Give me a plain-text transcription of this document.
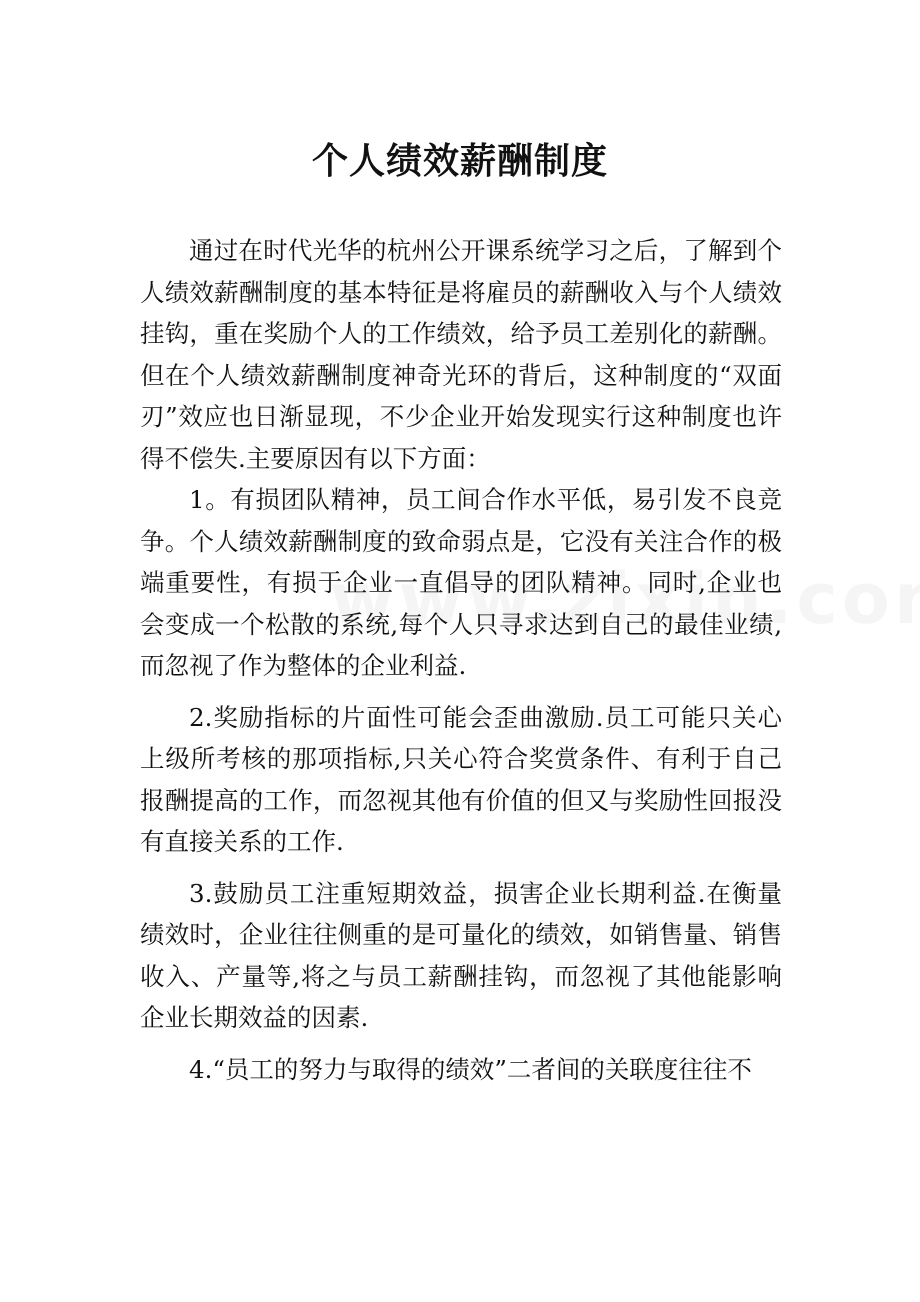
个人绩效薪酬制度

通过在时代光华的杭州公开课系统学习之后，了解到个人绩效薪酬制度的基本特征是将雇员的薪酬收入与个人绩效挂钩，重在奖励个人的工作绩效，给予员工差别化的薪酬。但在个人绩效薪酬制度神奇光环的背后，这种制度的“双面刃”效应也日渐显现，不少企业开始发现实行这种制度也许得不偿失.主要原因有以下方面：

1。有损团队精神，员工间合作水平低，易引发不良竞争。个人绩效薪酬制度的致命弱点是，它没有关注合作的极端重要性，有损于企业一直倡导的团队精神。同时,企业也会变成一个松散的系统,每个人只寻求达到自己的最佳业绩,而忽视了作为整体的企业利益.

2.奖励指标的片面性可能会歪曲激励.员工可能只关心上级所考核的那项指标,只关心符合奖赏条件、有利于自己报酬提高的工作，而忽视其他有价值的但又与奖励性回报没有直接关系的工作.

3.鼓励员工注重短期效益，损害企业长期利益.在衡量绩效时，企业往往侧重的是可量化的绩效，如销售量、销售收入、产量等,将之与员工薪酬挂钩，而忽视了其他能影响企业长期效益的因素.

4.“员工的努力与取得的绩效”二者间的关联度往往不
